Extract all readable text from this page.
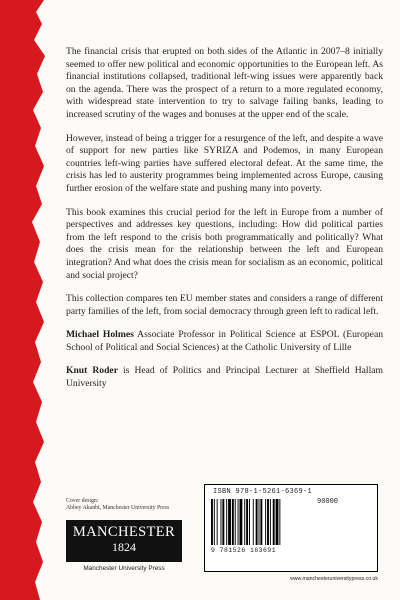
The financial crisis that erupted on both sides of the Atlantic in 2007–8 initially seemed to offer new political and economic opportunities to the European left. As financial institutions collapsed, traditional left-wing issues were apparently back on the agenda. There was the prospect of a return to a more regulated economy, with widespread state intervention to try to salvage failing banks, leading to increased scrutiny of the wages and bonuses at the upper end of the scale.

However, instead of being a trigger for a resurgence of the left, and despite a wave of support for new parties like SYRIZA and Podemos, in many European countries left-wing parties have suffered electoral defeat. At the same time, the crisis has led to austerity programmes being implemented across Europe, causing further erosion of the welfare state and pushing many into poverty.

This book examines this crucial period for the left in Europe from a number of perspectives and addresses key questions, including: How did political parties from the left respond to the crisis both programmatically and politically? What does the crisis mean for the relationship between the left and European integration? And what does the crisis mean for socialism as an economic, political and social project?

This collection compares ten EU member states and considers a range of different party families of the left, from social democracy through green left to radical left.

Michael Holmes Associate Professor in Political Science at ESPOL (European School of Political and Social Sciences) at the Catholic University of Lille

Knut Roder is Head of Politics and Principal Lecturer at Sheffield Hallam University

Cover design:
Abbey Akanbi, Manchester University Press
MANCHESTER
1824
Manchester University Press
ISBN 978-1-5261-6369-1
90000
9 781526 163691
www.manchesteruniversitypress.co.uk
